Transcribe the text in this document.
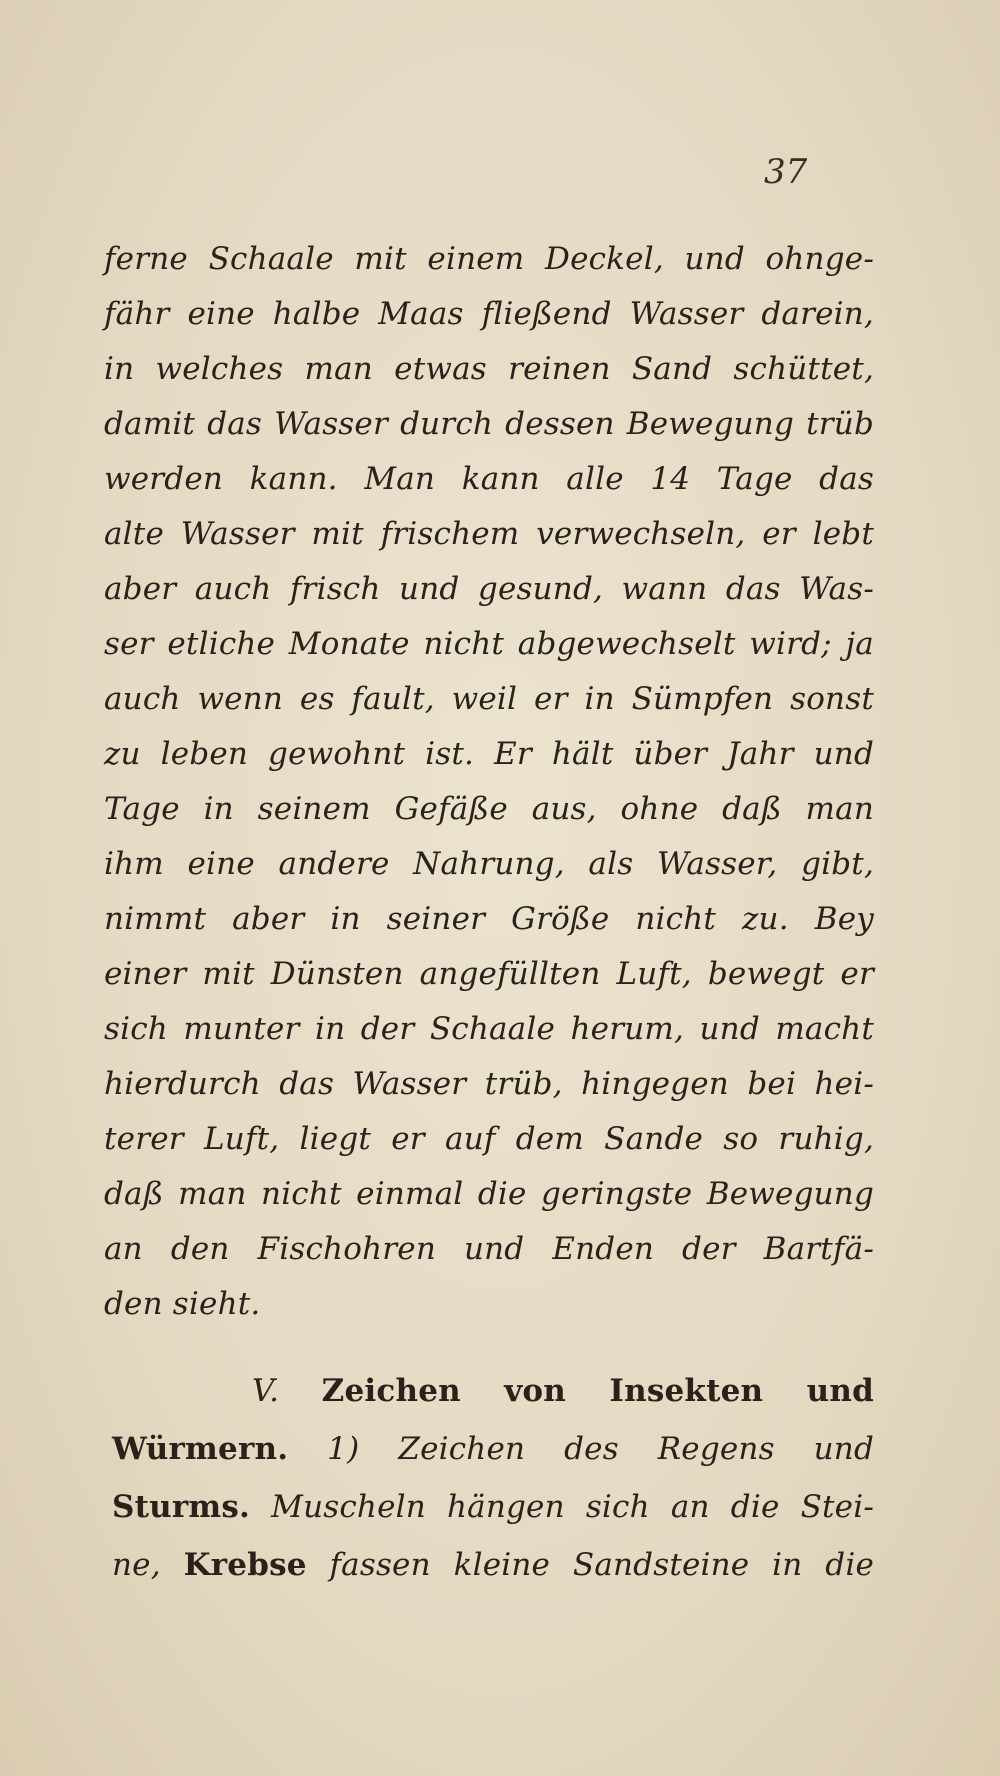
37
ferne Schaale mit einem Deckel, und ohnge-
fähr eine halbe Maas fließend Wasser darein,
in welches man etwas reinen Sand schüttet,
damit das Wasser durch dessen Bewegung trüb
werden kann. Man kann alle 14 Tage das
alte Wasser mit frischem verwechseln, er lebt
aber auch frisch und gesund, wann das Was-
ser etliche Monate nicht abgewechselt wird; ja
auch wenn es fault, weil er in Sümpfen sonst
zu leben gewohnt ist. Er hält über Jahr und
Tage in seinem Gefäße aus, ohne daß man
ihm eine andere Nahrung, als Wasser, gibt,
nimmt aber in seiner Größe nicht zu. Bey
einer mit Dünsten angefüllten Luft, bewegt er
sich munter in der Schaale herum, und macht
hierdurch das Wasser trüb, hingegen bei hei-
terer Luft, liegt er auf dem Sande so ruhig,
daß man nicht einmal die geringste Bewegung
an den Fischohren und Enden der Bartfä-
den sieht.
V. Zeichen von Insekten und
Würmern. 1) Zeichen des Regens und
Sturms. Muscheln hängen sich an die Stei-
ne, Krebse fassen kleine Sandsteine in die
